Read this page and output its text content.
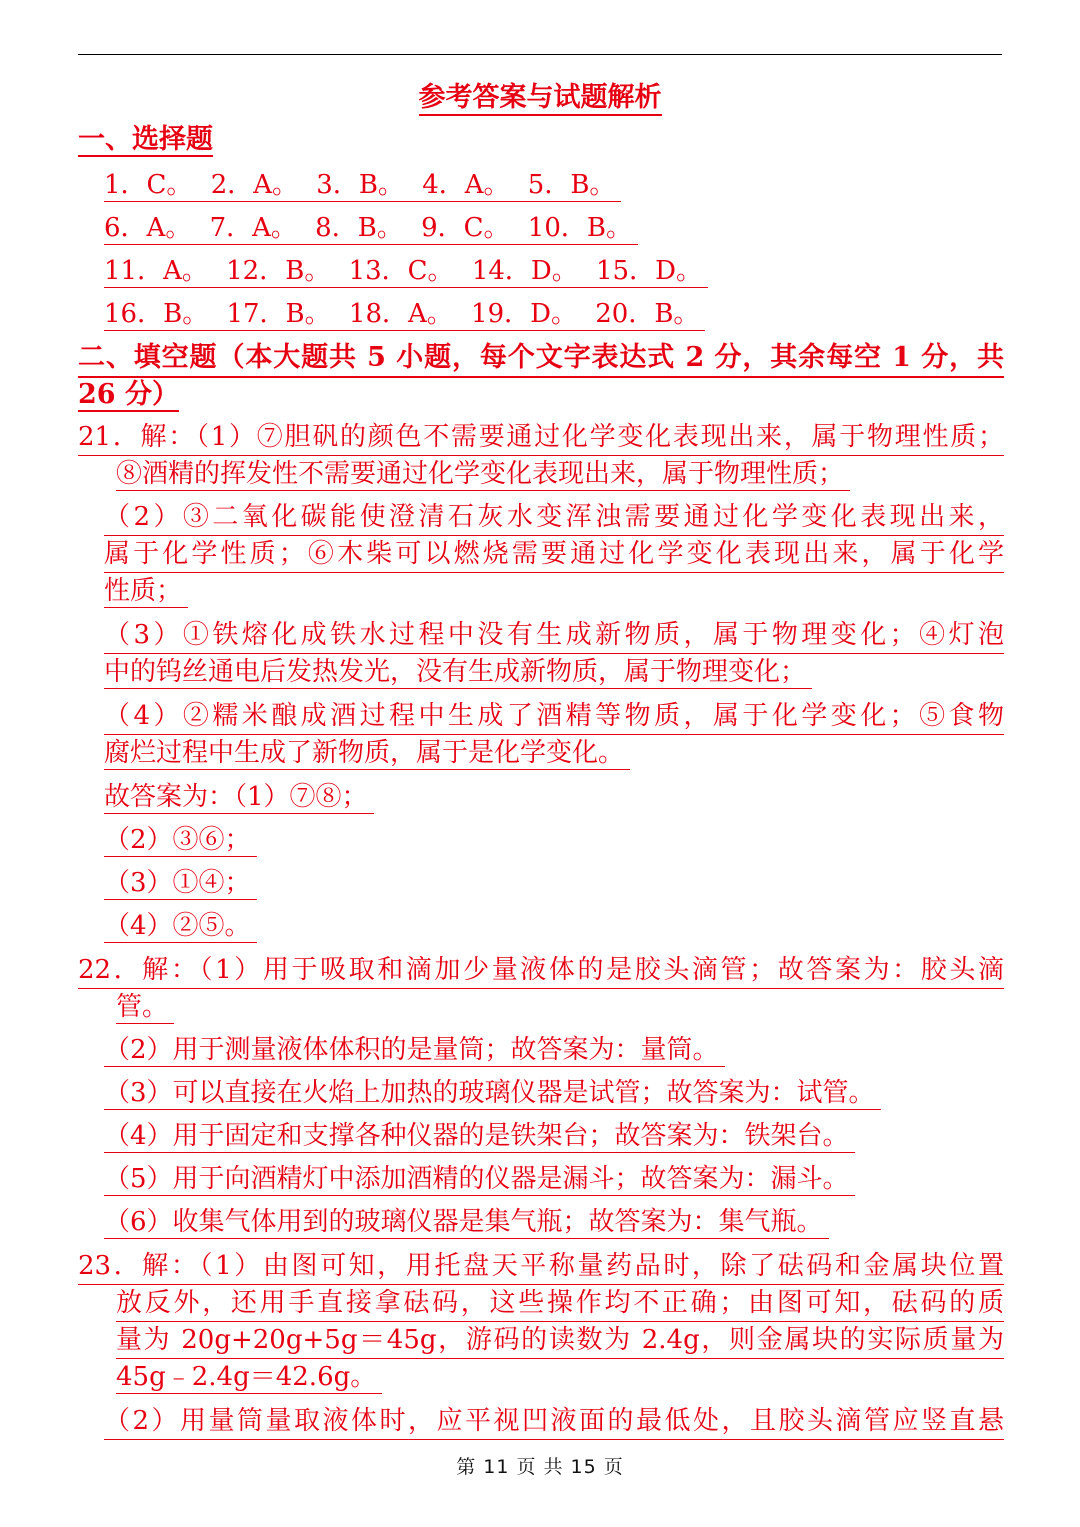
参考答案与试题解析
一、选择题
1．C。 2．A。 3．B。 4．A。 5．B。
6．A。 7．A。 8．B。 9．C。 10．B。
11．A。 12．B。 13．C。 14．D。 15．D。
16．B。 17．B。 18．A。 19．D。 20．B。
二、填空题（本大题共 5 小题，每个文字表达式 2 分，其余每空 1 分，共
26 分）
21．解：（1）⑦胆矾的颜色不需要通过化学变化表现出来，属于物理性质；
⑧酒精的挥发性不需要通过化学变化表现出来，属于物理性质；
（2）③二氧化碳能使澄清石灰水变浑浊需要通过化学变化表现出来，
属于化学性质；⑥木柴可以燃烧需要通过化学变化表现出来，属于化学
性质；
（3）①铁熔化成铁水过程中没有生成新物质，属于物理变化；④灯泡
中的钨丝通电后发热发光，没有生成新物质，属于物理变化；
（4）②糯米酿成酒过程中生成了酒精等物质，属于化学变化；⑤食物
腐烂过程中生成了新物质，属于是化学变化。
故答案为：（1）⑦⑧；
（2）③⑥；
（3）①④；
（4）②⑤。
22．解：（1）用于吸取和滴加少量液体的是胶头滴管；故答案为：胶头滴
管。
（2）用于测量液体体积的是量筒；故答案为：量筒。
（3）可以直接在火焰上加热的玻璃仪器是试管；故答案为：试管。
（4）用于固定和支撑各种仪器的是铁架台；故答案为：铁架台。
（5）用于向酒精灯中添加酒精的仪器是漏斗；故答案为：漏斗。
（6）收集气体用到的玻璃仪器是集气瓶；故答案为：集气瓶。
23．解：（1）由图可知，用托盘天平称量药品时，除了砝码和金属块位置
放反外，还用手直接拿砝码，这些操作均不正确；由图可知，砝码的质
量为 20g+20g+5g＝45g，游码的读数为 2.4g，则金属块的实际质量为
45g﹣2.4g＝42.6g。
（2）用量筒量取液体时，应平视凹液面的最低处，且胶头滴管应竖直悬
第 11 页 共 15 页
